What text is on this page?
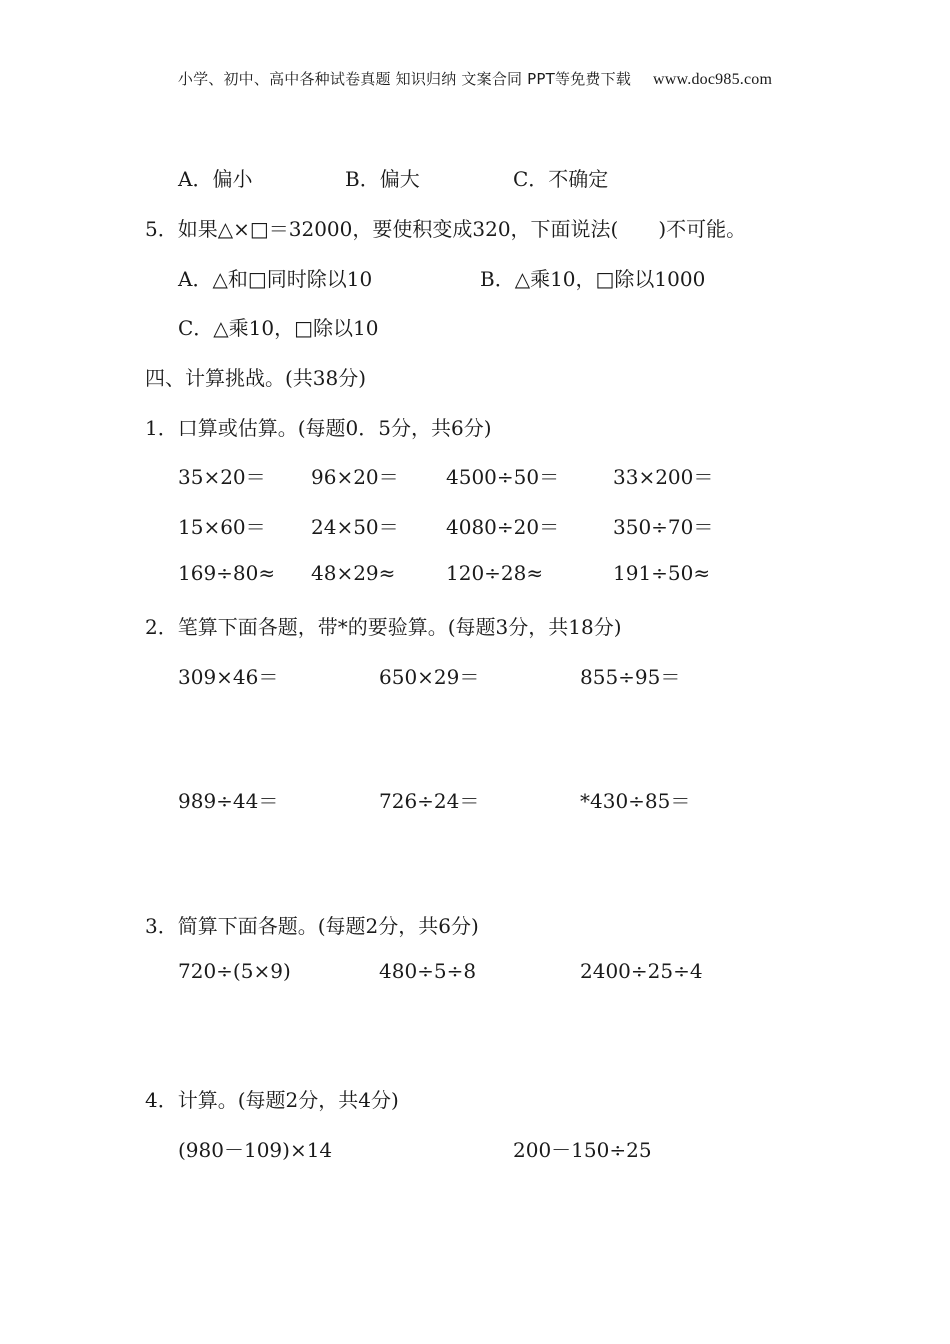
小学、初中、高中各种试卷真题 知识归纳 文案合同 PPT等免费下载 www.doc985.com
A．偏小	B．偏大	C．不确定
5．如果△×□＝32000，要使积变成320，下面说法(　　)不可能。
A．△和□同时除以10	B．△乘10，□除以1000
C．△乘10，□除以10
四、计算挑战。(共38分)
1．口算或估算。(每题0．5分，共6分)
35×20＝ 96×20＝ 4500÷50＝	33×200＝
15×60＝ 24×50＝ 4080÷20＝	350÷70＝
169÷80≈ 48×29≈	120÷28≈	191÷50≈
2．笔算下面各题，带*的要验算。(每题3分，共18分)
309×46＝	650×29＝	855÷95＝
989÷44＝	726÷24＝	*430÷85＝
3．简算下面各题。(每题2分，共6分)
720÷(5×9)	480÷5÷8	2400÷25÷4
4．计算。(每题2分，共4分)
(980－109)×14	200－150÷25
